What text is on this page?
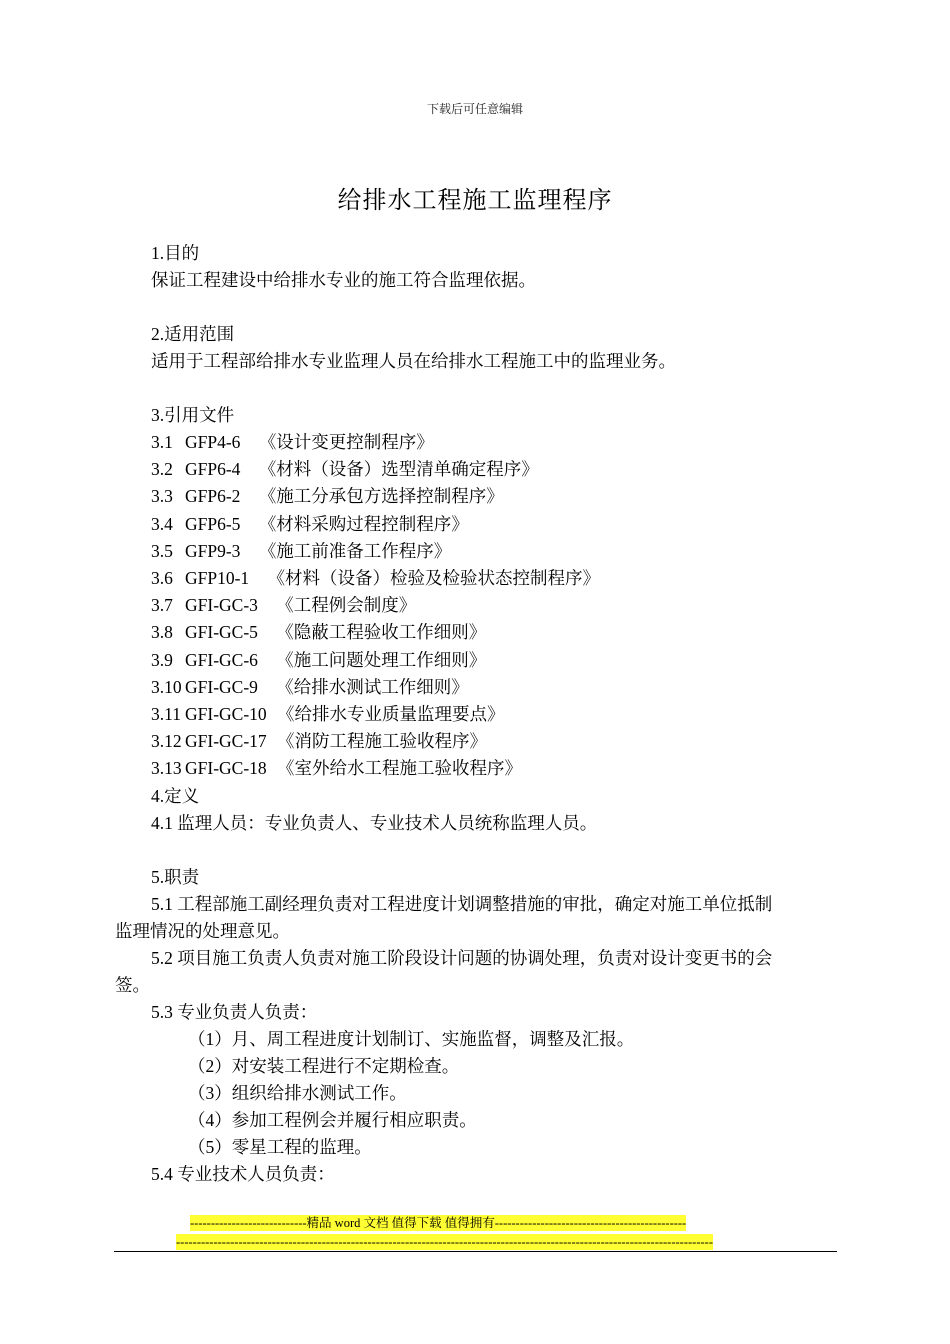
下载后可任意编辑
给排水工程施工监理程序
1.目的
保证工程建设中给排水专业的施工符合监理依据。
2.适用范围
适用于工程部给排水专业监理人员在给排水工程施工中的监理业务。
3.引用文件
3.1 GFP4-6 《设计变更控制程序》
3.2 GFP6-4 《材料（设备）选型清单确定程序》
3.3 GFP6-2 《施工分承包方选择控制程序》
3.4 GFP6-5 《材料采购过程控制程序》
3.5 GFP9-3 《施工前准备工作程序》
3.6 GFP10-1 《材料（设备）检验及检验状态控制程序》
3.7 GFI-GC-3 《工程例会制度》
3.8 GFI-GC-5 《隐蔽工程验收工作细则》
3.9 GFI-GC-6 《施工问题处理工作细则》
3.10 GFI-GC-9 《给排水测试工作细则》
3.11 GFI-GC-10 《给排水专业质量监理要点》
3.12 GFI-GC-17 《消防工程施工验收程序》
3.13 GFI-GC-18 《室外给水工程施工验收程序》
4.定义
4.1 监理人员：专业负责人、专业技术人员统称监理人员。
5.职责
5.1 工程部施工副经理负责对工程进度计划调整措施的审批，确定对施工单位抵制
监理情况的处理意见。
5.2 项目施工负责人负责对施工阶段设计问题的协调处理，负责对设计变更书的会
签。
5.3 专业负责人负责：
（1）月、周工程进度计划制订、实施监督，调整及汇报。
（2）对安装工程进行不定期检查。
（3）组织给排水测试工作。
（4）参加工程例会并履行相应职责。
（5）零星工程的监理。
5.4 专业技术人员负责：
----------------------------精品 word 文档 值得下载 值得拥有----------------------------------------------
---------------------------------------------------------------------------------------------------------------------------------
